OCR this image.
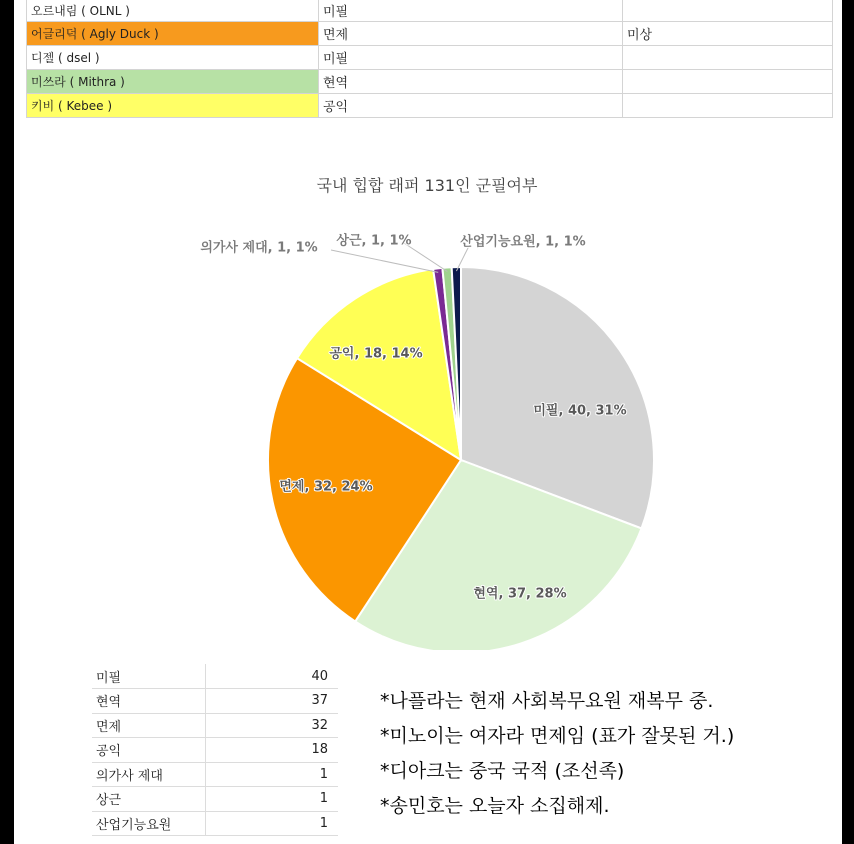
오르내림 ( OLNL )	미필	
어글리덕 ( Agly Duck )	면제	미상
디젤 ( dsel )	미필	
미쓰라 ( Mithra )	현역	
키비 ( Kebee )	공익	
국내 힙합 래퍼 131인 군필여부
미필, 40, 31%
현역, 37, 28%
면제, 32, 24%
공익, 18, 14%
의가사 제대, 1, 1% 상근, 1, 1%	산업기능요원, 1, 1%
미필	40
현역	37
면제	32
공익	18
의가사 제대	1
상근	1
산업기능요원	1
*나플라는 현재 사회복무요원 재복무 중.
*미노이는 여자라 면제임 (표가 잘못된 거.)
*디아크는 중국 국적 (조선족)
*송민호는 오늘자 소집해제.
